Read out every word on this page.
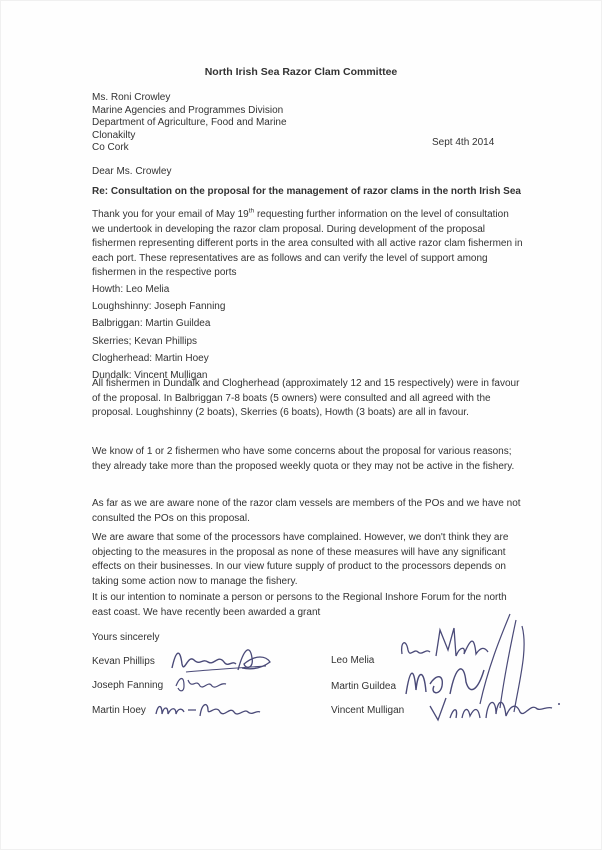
North Irish Sea Razor Clam Committee
Ms. Roni Crowley
Marine Agencies and Programmes Division
Department of Agriculture, Food and Marine
Clonakilty
Co Cork	Sept 4th 2014
Dear Ms. Crowley
Re: Consultation on the proposal for the management of razor clams in the north Irish Sea
Thank you for your email of May 19th requesting further information on the level of consultation we undertook in developing the razor clam proposal. During development of the proposal fishermen representing different ports in the area consulted with all active razor clam fishermen in each port. These representatives are as follows and can verify the level of support among fishermen in the respective ports
Howth: Leo Melia
Loughshinny: Joseph Fanning
Balbriggan: Martin Guildea
Skerries; Kevan Phillips
Clogherhead: Martin Hoey
Dundalk: Vincent Mulligan
All fishermen in Dundalk and Clogherhead (approximately 12 and 15 respectively) were in favour of the proposal. In Balbriggan 7-8 boats (5 owners) were consulted and all agreed with the proposal. Loughshinny (2 boats), Skerries (6 boats), Howth (3 boats) are all in favour.
We know of 1 or 2 fishermen who have some concerns about the proposal for various reasons; they already take more than the proposed weekly quota or they may not be active in the fishery.
As far as we are aware none of the razor clam vessels are members of the POs and we have not consulted the POs on this proposal.
We are aware that some of the processors have complained. However, we don't think they are objecting to the measures in the proposal as none of these measures will have any significant effects on their businesses. In our view future supply of product to the processors depends on taking some action now to manage the fishery.
It is our intention to nominate a person or persons to the Regional Inshore Forum for the north east coast. We have recently been awarded a grant
Yours sincerely
Kevan Phillips
Joseph Fanning
Martin Hoey
Leo Melia
Martin Guildea
Vincent Mulligan
